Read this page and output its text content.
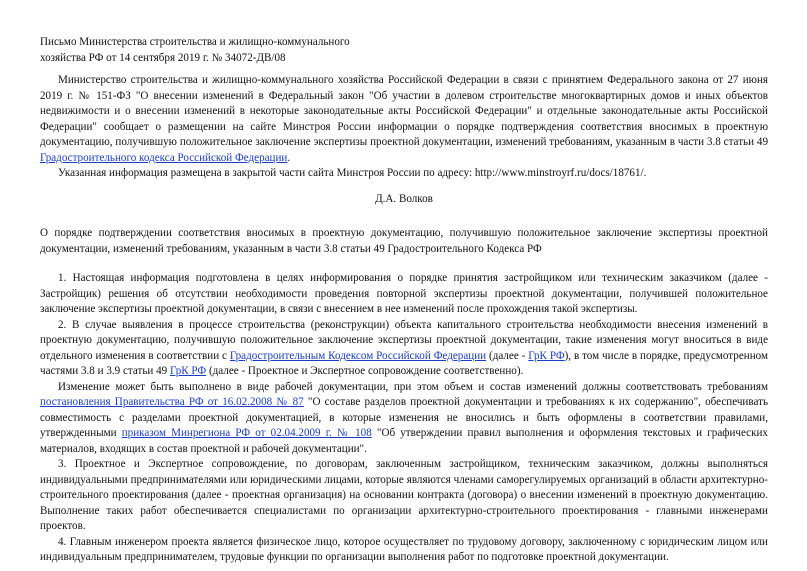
Письмо Министерства строительства и жилищно-коммунального
хозяйства РФ от 14 сентября 2019 г. № 34072-ДВ/08

Министерство строительства и жилищно-коммунального хозяйства Российской Федерации в связи с принятием Федерального закона от 27 июня 2019 г. № 151-ФЗ "О внесении изменений в Федеральный закон "Об участии в долевом строительстве многоквартирных домов и иных объектов недвижимости и о внесении изменений в некоторые законодательные акты Российской Федерации" и отдельные законодательные акты Российской Федерации" сообщает о размещении на сайте Минстроя России информации о порядке подтверждения соответствия вносимых в проектную документацию, получившую положительное заключение экспертизы проектной документации, изменений требованиям, указанным в части 3.8 статьи 49 Градостроительного кодекса Российской Федерации.

Указанная информация размещена в закрытой части сайта Минстроя России по адресу: http://www.minstroyrf.ru/docs/18761/.

Д.А. Волков

О порядке подтверждении соответствия вносимых в проектную документацию, получившую положительное заключение экспертизы проектной документации, изменений требованиям, указанным в части 3.8 статьи 49 Градостроительного Кодекса РФ

1. Настоящая информация подготовлена в целях информирования о порядке принятия застройщиком или техническим заказчиком (далее - Застройщик) решения об отсутствии необходимости проведения повторной экспертизы проектной документации, получившей положительное заключение экспертизы проектной документации, в связи с внесением в нее изменений после прохождения такой экспертизы.

2. В случае выявления в процессе строительства (реконструкции) объекта капитального строительства необходимости внесения изменений в проектную документацию, получившую положительное заключение экспертизы проектной документации, такие изменения могут вноситься в виде отдельного изменения в соответствии с Градостроительным Кодексом Российской Федерации (далее - ГрК РФ), в том числе в порядке, предусмотренном частями 3.8 и 3.9 статьи 49 ГрК РФ (далее - Проектное и Экспертное сопровождение соответственно).

Изменение может быть выполнено в виде рабочей документации, при этом объем и состав изменений должны соответствовать требованиям постановления Правительства РФ от 16.02.2008 № 87 "О составе разделов проектной документации и требованиях к их содержанию", обеспечивать совместимость с разделами проектной документацией, в которые изменения не вносились и быть оформлены в соответствии правилами, утвержденными приказом Минрегиона РФ от 02.04.2009 г. № 108 "Об утверждении правил выполнения и оформления текстовых и графических материалов, входящих в состав проектной и рабочей документации".

3. Проектное и Экспертное сопровождение, по договорам, заключенным застройщиком, техническим заказчиком, должны выполняться индивидуальными предпринимателями или юридическими лицами, которые являются членами саморегулируемых организаций в области архитектурно-строительного проектирования (далее - проектная организация) на основании контракта (договора) о внесении изменений в проектную документацию. Выполнение таких работ обеспечивается специалистами по организации архитектурно-строительного проектирования - главными инженерами проектов.

4. Главным инженером проекта является физическое лицо, которое осуществляет по трудовому договору, заключенному с юридическим лицом или индивидуальным предпринимателем, трудовые функции по организации выполнения работ по подготовке проектной документации.
